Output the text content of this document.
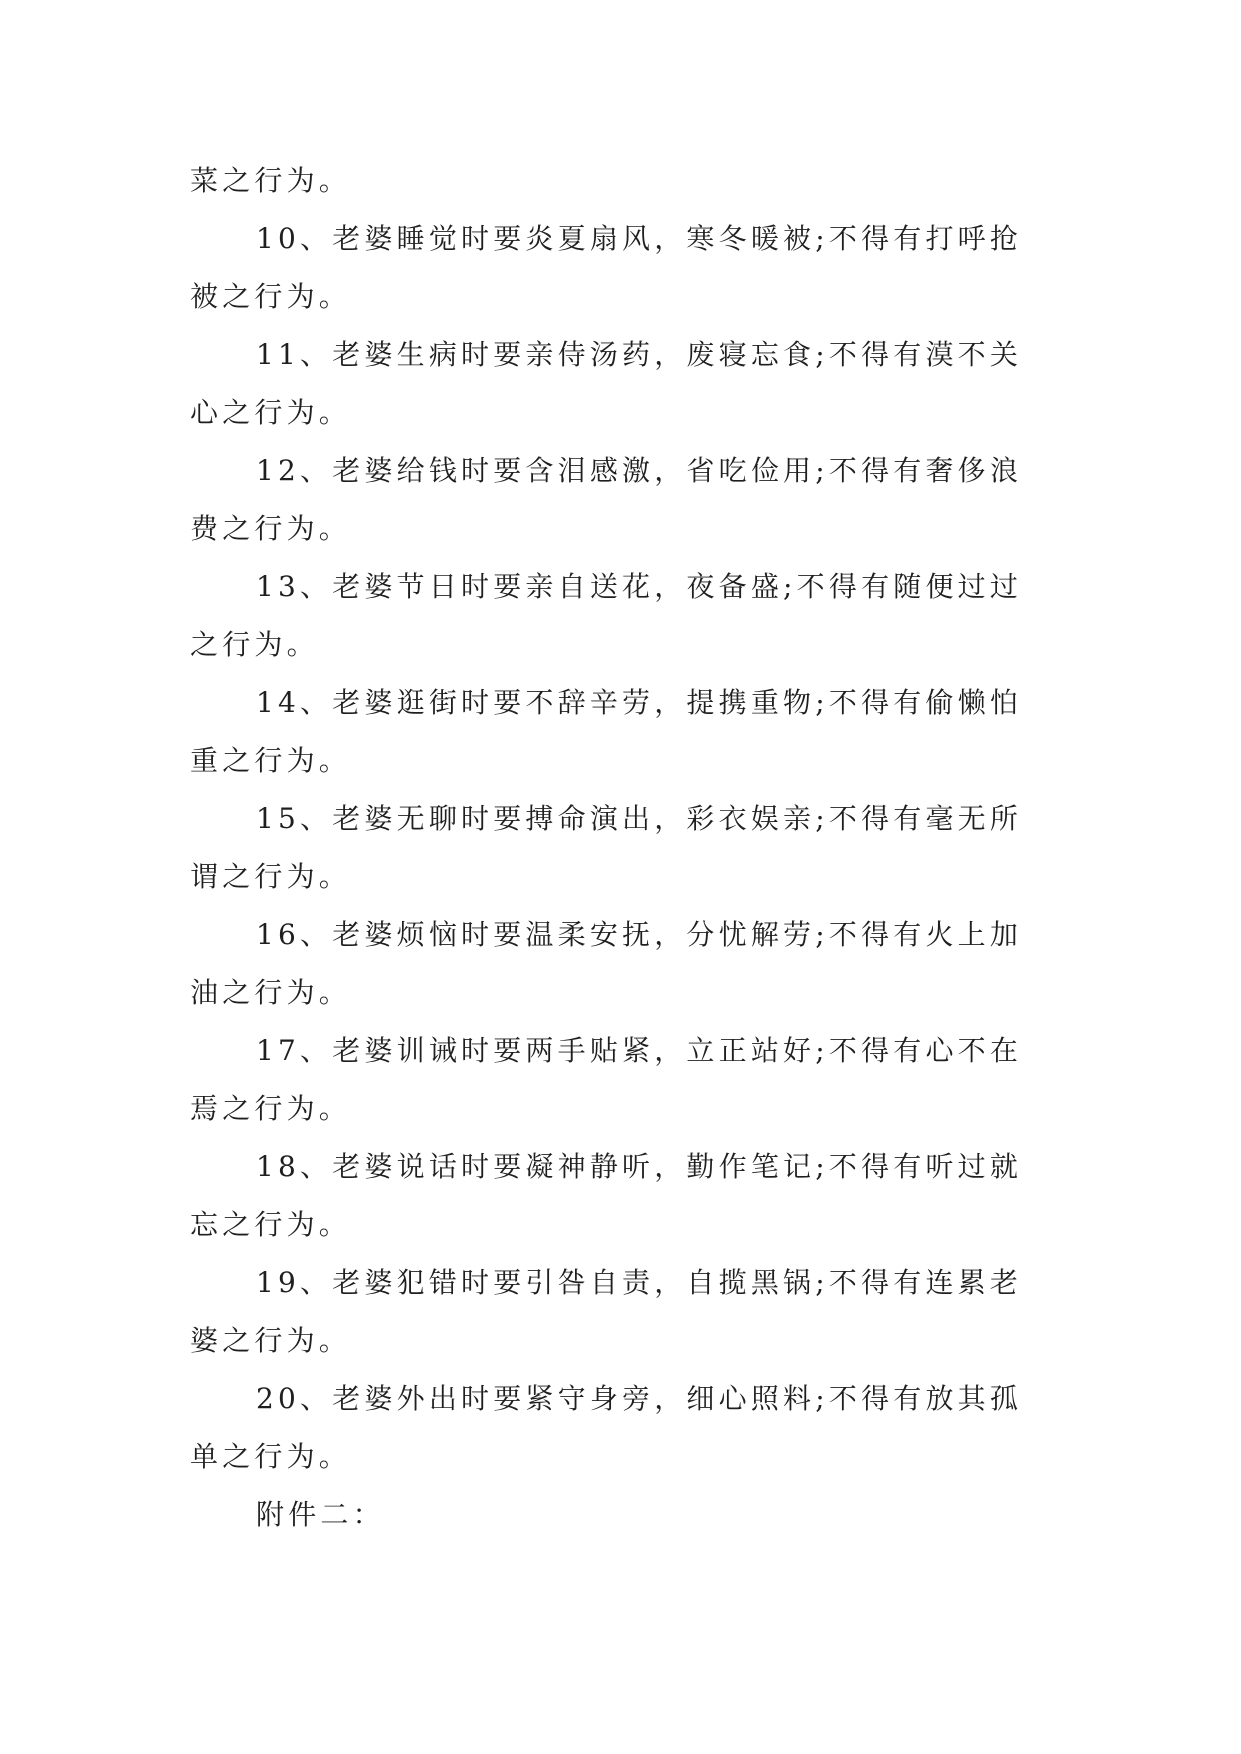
菜之行为。

10、老婆睡觉时要炎夏扇风，寒冬暖被;不得有打呼抢

被之行为。

11、老婆生病时要亲侍汤药，废寝忘食;不得有漠不关

心之行为。

12、老婆给钱时要含泪感激，省吃俭用;不得有奢侈浪

费之行为。

13、老婆节日时要亲自送花，夜备盛;不得有随便过过

之行为。

14、老婆逛街时要不辞辛劳，提携重物;不得有偷懒怕

重之行为。

15、老婆无聊时要搏命演出，彩衣娱亲;不得有毫无所

谓之行为。

16、老婆烦恼时要温柔安抚，分忧解劳;不得有火上加

油之行为。

17、老婆训诫时要两手贴紧，立正站好;不得有心不在

焉之行为。

18、老婆说话时要凝神静听，勤作笔记;不得有听过就

忘之行为。

19、老婆犯错时要引咎自责，自揽黑锅;不得有连累老

婆之行为。

20、老婆外出时要紧守身旁，细心照料;不得有放其孤

单之行为。

附件二：
